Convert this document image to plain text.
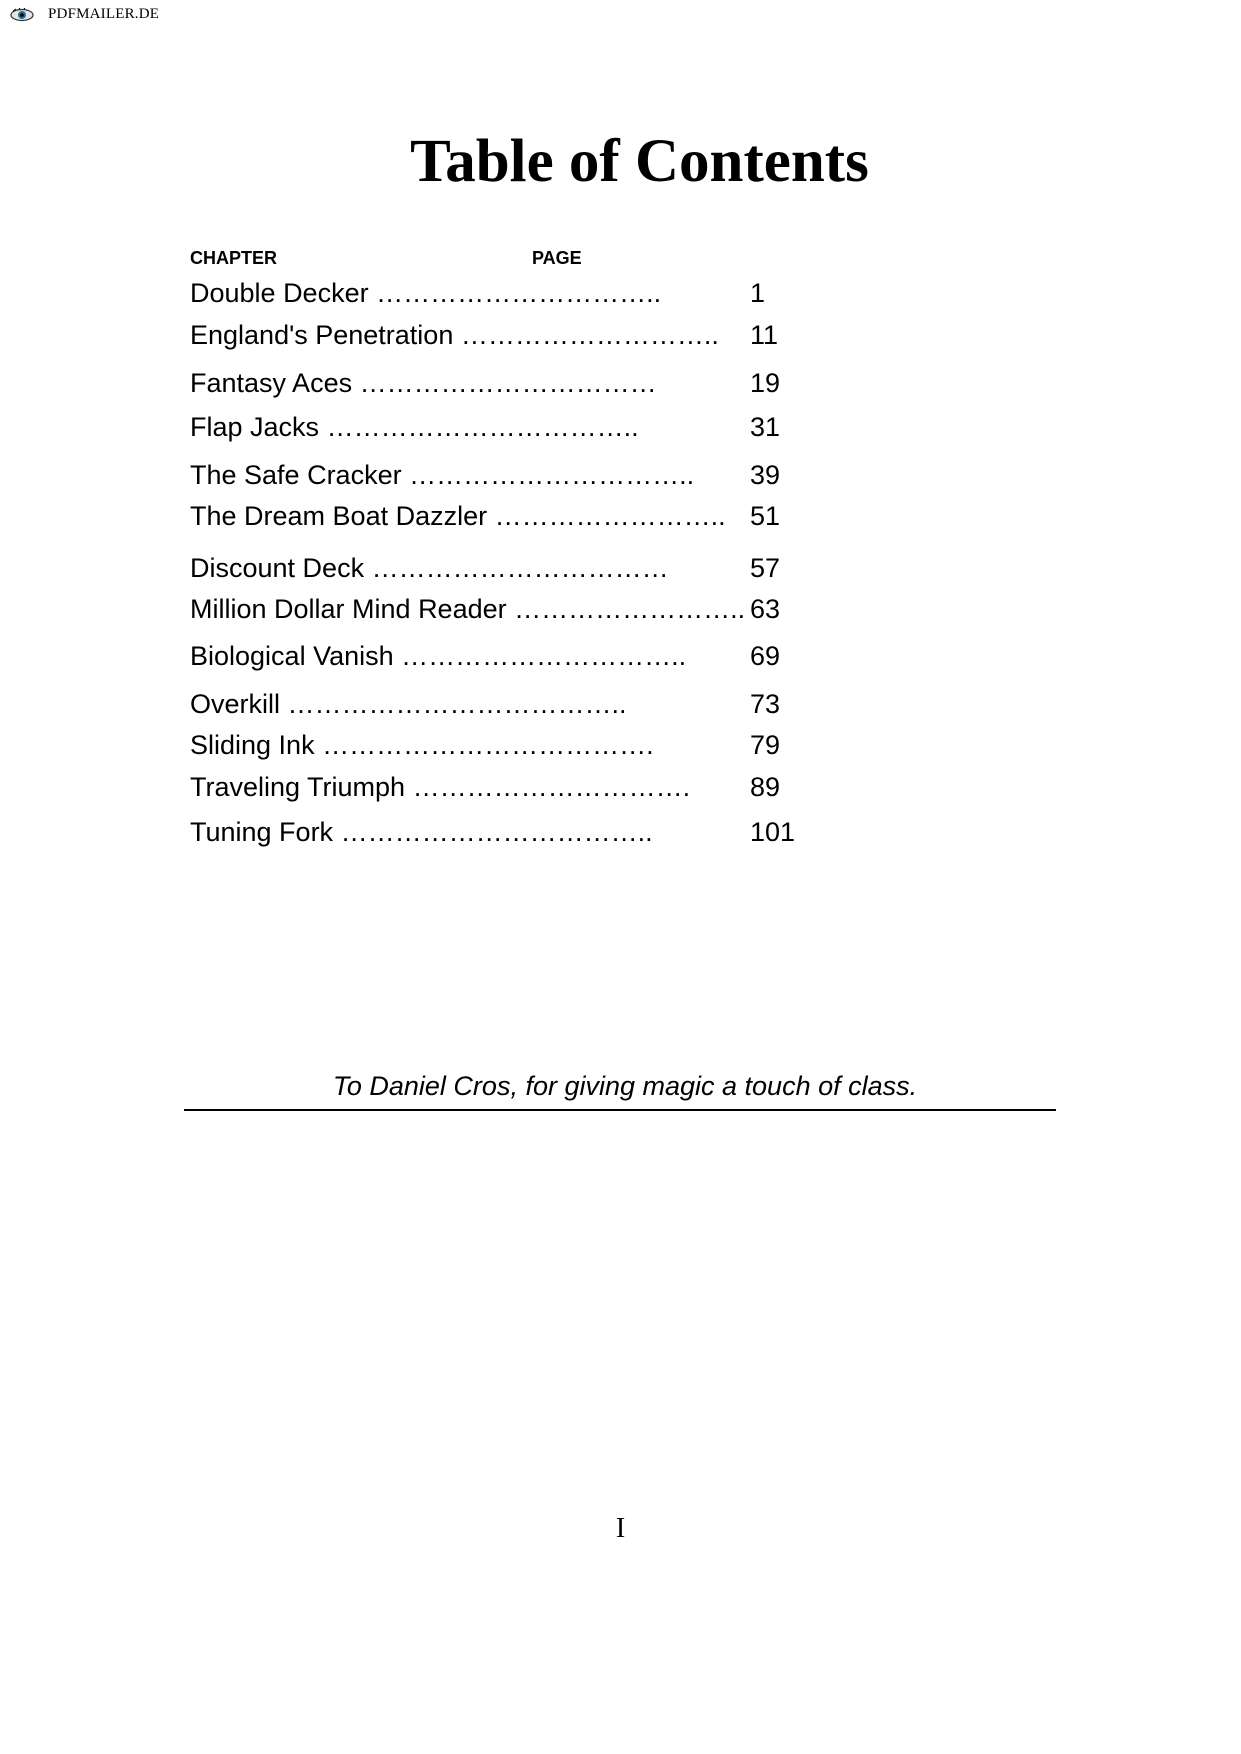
PDFMAILER.DE
Table of Contents
CHAPTER	PAGE
Double Decker …………………………..	1
England's Penetration ……………………….. 11
Fantasy Aces ……………………………	19
Flap Jacks ……………………………..	31
The Safe Cracker ………………………….. 39
The Dream Boat Dazzler …………………….. 51
Discount Deck ……………………………	57
Million Dollar Mind Reader …………………….. 63
Biological Vanish ………………………….. 69
Overkill ………………………………..	73
Sliding Ink ……………………………….	79
Traveling Triumph …………………………. 89
Tuning Fork ……………………………..	101
To Daniel Cros, for giving magic a touch of class.
I
